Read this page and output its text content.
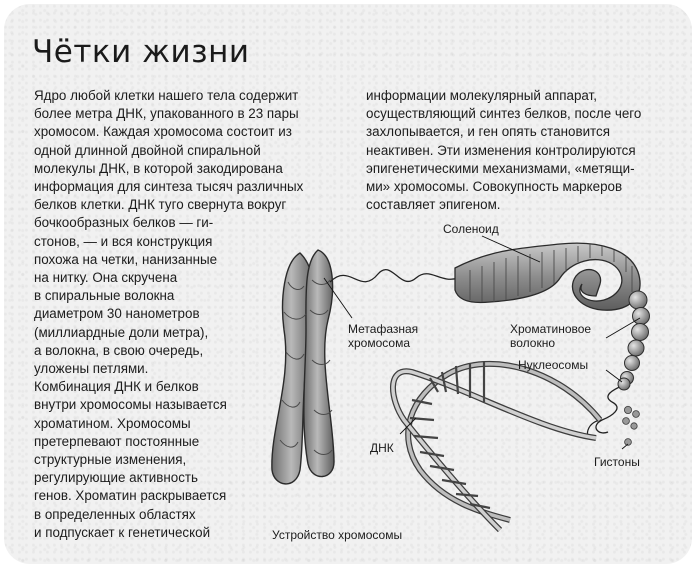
Чётки жизни

Ядро любой клетки нашего тела содержит
более метра ДНК, упакованного в 23 пары
хромосом. Каждая хромосома состоит из
одной длинной двойной спиральной
молекулы ДНК, в которой закодирована
информация для синтеза тысяч различных
белков клетки. ДНК туго свернута вокруг
бочкообразных белков — ги-
стонов, — и вся конструкция
похожа на четки, нанизанные
на нитку. Она скручена
в спиральные волокна
диаметром 30 нанометров
(миллиардные доли метра),
а волокна, в свою очередь,
уложены петлями.
Комбинация ДНК и белков
внутри хромосомы называется
хроматином. Хромосомы
претерпевают постоянные
структурные изменения,
регулирующие активность
генов. Хроматин раскрывается
в определенных областях
и подпускает к генетической

информации молекулярный аппарат,
осуществляющий синтез белков, после чего
захлопывается, и ген опять становится
неактивен. Эти изменения контролируются
эпигенетическими механизмами, «метящи-
ми» хромосомы. Совокупность маркеров
составляет эпигеном.

Соленоид
Метафазная хромосома
Хроматиновое волокно
Нуклеосомы
ДНК
Гистоны
Устройство хромосомы
